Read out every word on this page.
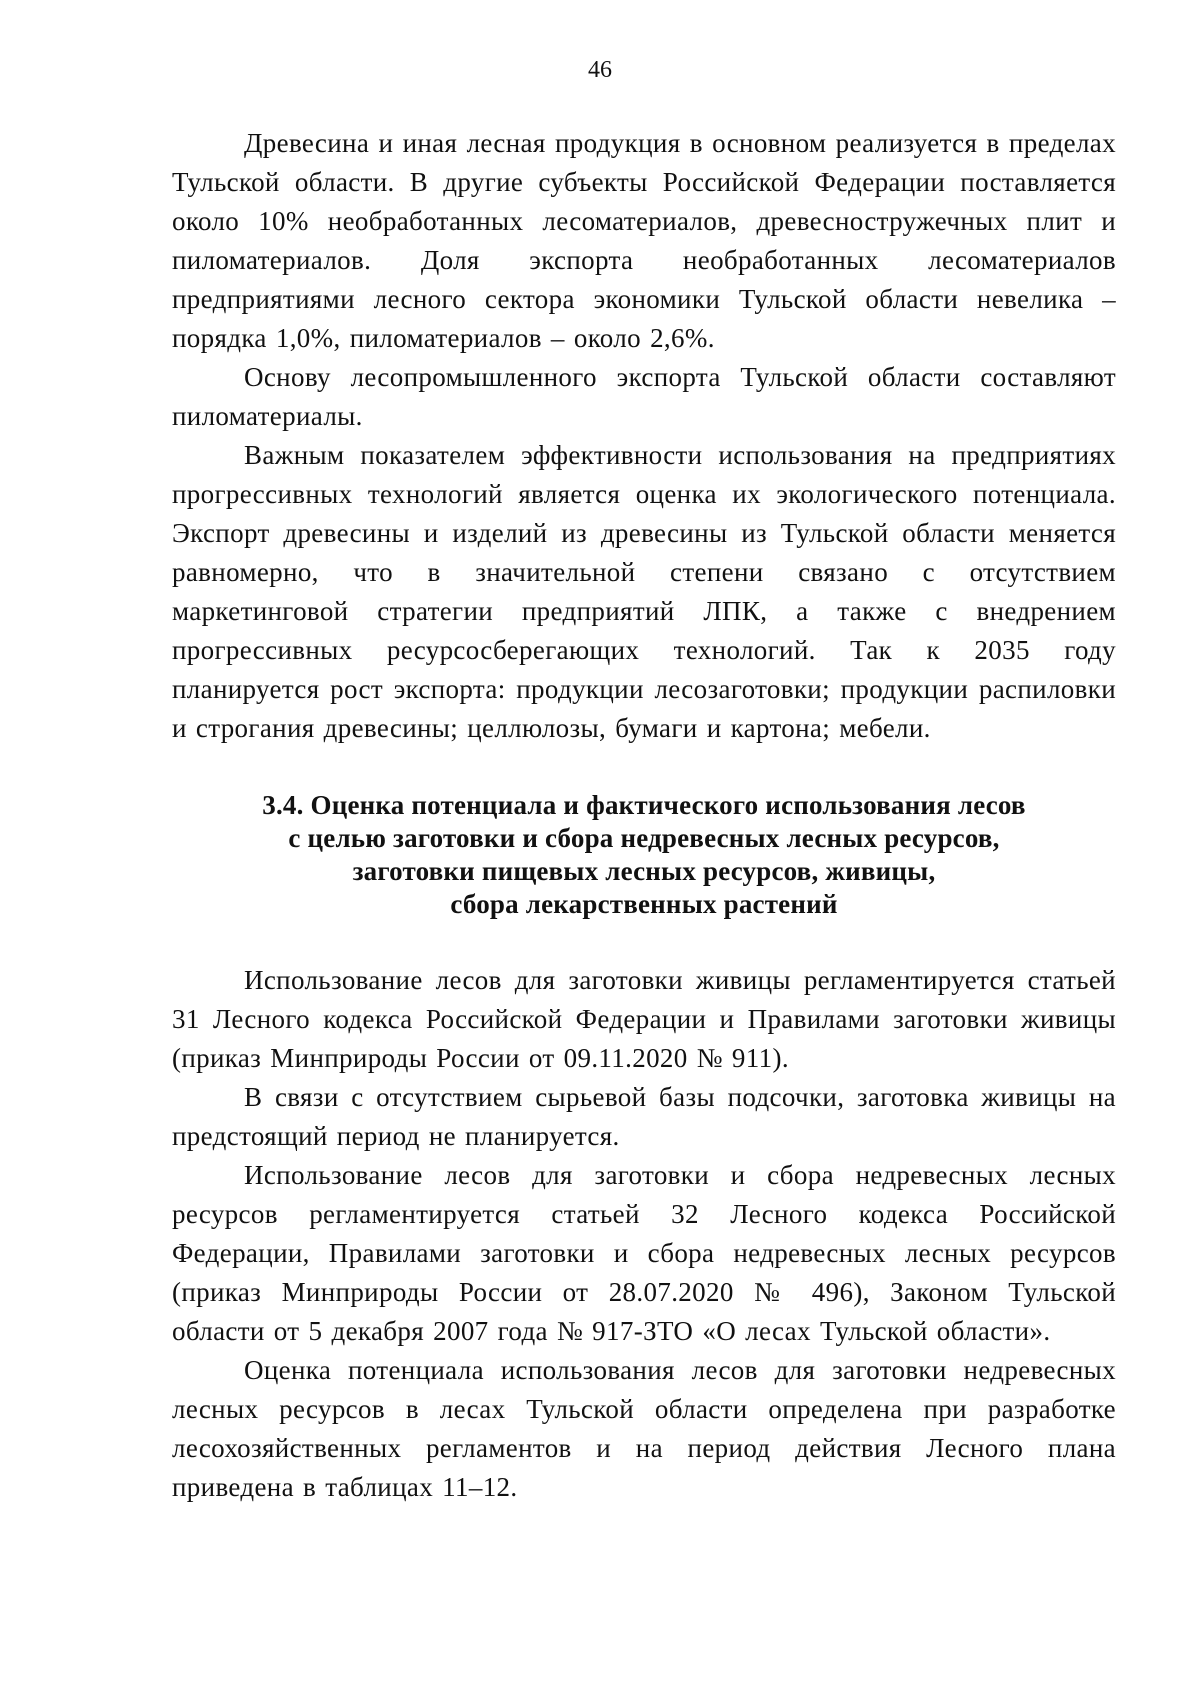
46

Древесина и иная лесная продукция в основном реализуется в пределах Тульской области. В другие субъекты Российской Федерации поставляется около 10% необработанных лесоматериалов, древесностружечных плит и пиломатериалов. Доля экспорта необработанных лесоматериалов предприятиями лесного сектора экономики Тульской области невелика – порядка 1,0%, пиломатериалов – около 2,6%.

Основу лесопромышленного экспорта Тульской области составляют пиломатериалы.

Важным показателем эффективности использования на предприятиях прогрессивных технологий является оценка их экологического потенциала. Экспорт древесины и изделий из древесины из Тульской области меняется равномерно, что в значительной степени связано с отсутствием маркетинговой стратегии предприятий ЛПК, а также с внедрением прогрессивных ресурсосберегающих технологий. Так к 2035 году планируется рост экспорта: продукции лесозаготовки; продукции распиловки и строгания древесины; целлюлозы, бумаги и картона; мебели.

3.4. Оценка потенциала и фактического использования лесов
с целью заготовки и сбора недревесных лесных ресурсов,
заготовки пищевых лесных ресурсов, живицы,
сбора лекарственных растений

Использование лесов для заготовки живицы регламентируется статьей 31 Лесного кодекса Российской Федерации и Правилами заготовки живицы (приказ Минприроды России от 09.11.2020 № 911).

В связи с отсутствием сырьевой базы подсочки, заготовка живицы на предстоящий период не планируется.

Использование лесов для заготовки и сбора недревесных лесных ресурсов регламентируется статьей 32 Лесного кодекса Российской Федерации, Правилами заготовки и сбора недревесных лесных ресурсов (приказ Минприроды России от 28.07.2020 № 496), Законом Тульской области от 5 декабря 2007 года № 917-ЗТО «О лесах Тульской области».

Оценка потенциала использования лесов для заготовки недревесных лесных ресурсов в лесах Тульской области определена при разработке лесохозяйственных регламентов и на период действия Лесного плана приведена в таблицах 11–12.
